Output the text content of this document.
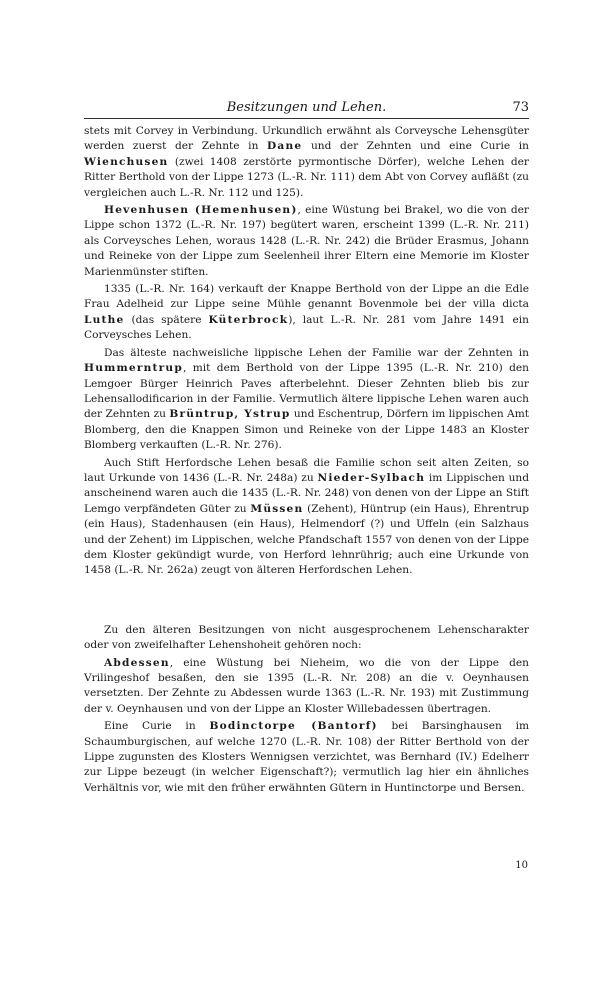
Besitzungen und Lehen.	73

stets mit Corvey in Verbindung. Urkundlich erwähnt als Corveysche Lehensgüter werden zuerst der Zehnte in Dane und der Zehnten und eine Curie in Wienchusen (zwei 1408 zerstörte pyrmontische Dörfer), welche Lehen der Ritter Berthold von der Lippe 1273 (L.-R. Nr. 111) dem Abt von Corvey aufläßt (zu vergleichen auch L.-R. Nr. 112 und 125).

Hevenhusen (Hemenhusen), eine Wüstung bei Brakel, wo die von der Lippe schon 1372 (L.-R. Nr. 197) begütert waren, erscheint 1399 (L.-R. Nr. 211) als Corveysches Lehen, woraus 1428 (L.-R. Nr. 242) die Brüder Erasmus, Johann und Reineke von der Lippe zum Seelenheil ihrer Eltern eine Memorie im Kloster Marienmünster stiften.

1335 (L.-R. Nr. 164) verkauft der Knappe Berthold von der Lippe an die Edle Frau Adelheid zur Lippe seine Mühle genannt Bovenmole bei der villa dicta Luthe (das spätere Küterbrock), laut L.-R. Nr. 281 vom Jahre 1491 ein Corveysches Lehen.

Das älteste nachweisliche lippische Lehen der Familie war der Zehnten in Hummerntrup, mit dem Berthold von der Lippe 1395 (L.-R. Nr. 210) den Lemgoer Bürger Heinrich Paves afterbelehnt. Dieser Zehnten blieb bis zur Lehensallodificarion in der Familie. Vermutlich ältere lippische Lehen waren auch der Zehnten zu Brüntrup, Ystrup und Eschentrup, Dörfern im lippischen Amt Blomberg, den die Knappen Simon und Reineke von der Lippe 1483 an Kloster Blomberg verkauften (L.-R. Nr. 276).

Auch Stift Herfordsche Lehen besaß die Familie schon seit alten Zeiten, so laut Urkunde von 1436 (L.-R. Nr. 248a) zu Nieder-Sylbach im Lippischen und anscheinend waren auch die 1435 (L.-R. Nr. 248) von denen von der Lippe an Stift Lemgo verpfändeten Güter zu Müssen (Zehent), Hüntrup (ein Haus), Ehrentrup (ein Haus), Stadenhausen (ein Haus), Helmendorf (?) und Uffeln (ein Salzhaus und der Zehent) im Lippischen, welche Pfandschaft 1557 von denen von der Lippe dem Kloster gekündigt wurde, von Herford lehnrührig; auch eine Urkunde von 1458 (L.-R. Nr. 262a) zeugt von älteren Herfordschen Lehen.

Zu den älteren Besitzungen von nicht ausgesprochenem Lehenscharakter oder von zweifelhafter Lehenshoheit gehören noch:

Abdessen, eine Wüstung bei Nieheim, wo die von der Lippe den Vrilingeshof besaßen, den sie 1395 (L.-R. Nr. 208) an die v. Oeynhausen versetzten. Der Zehnte zu Abdessen wurde 1363 (L.-R. Nr. 193) mit Zustimmung der v. Oeynhausen und von der Lippe an Kloster Willebadessen übertragen.

Eine Curie in Bodinctorpe (Bantorf) bei Barsinghausen im Schaumburgischen, auf welche 1270 (L.-R. Nr. 108) der Ritter Berthold von der Lippe zugunsten des Klosters Wennigsen verzichtet, was Bernhard (IV.) Edelherr zur Lippe bezeugt (in welcher Eigenschaft?); vermutlich lag hier ein ähnliches Verhältnis vor, wie mit den früher erwähnten Gütern in Huntinctorpe und Bersen.

10
